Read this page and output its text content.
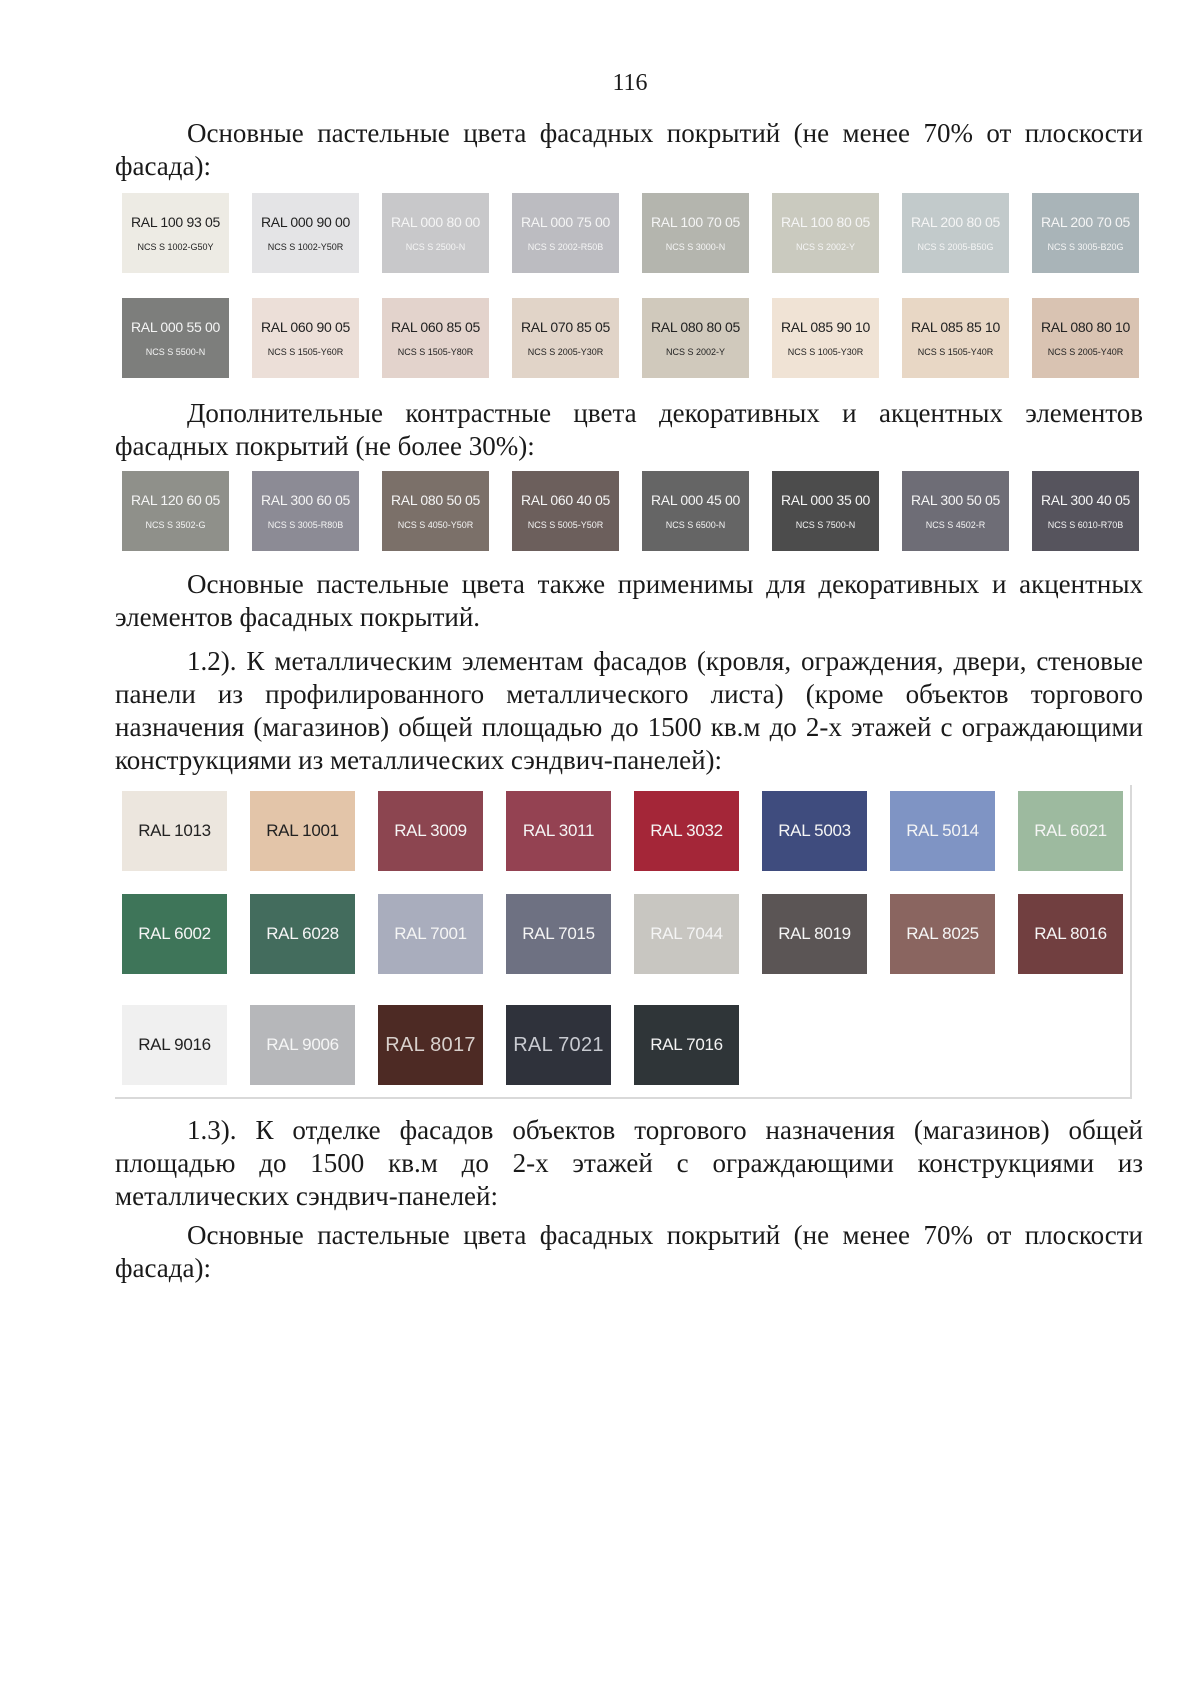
116

Основные пастельные цвета фасадных покрытий (не менее 70% от плоскости фасада):

RAL 100 93 05
NCS S 1002-G50Y
RAL 000 90 00
NCS S 1002-Y50R
RAL 000 80 00
NCS S 2500-N
RAL 000 75 00
NCS S 2002-R50B
RAL 100 70 05
NCS S 3000-N
RAL 100 80 05
NCS S 2002-Y
RAL 200 80 05
NCS S 2005-B50G
RAL 200 70 05
NCS S 3005-B20G
RAL 000 55 00
NCS S 5500-N
RAL 060 90 05
NCS S 1505-Y60R
RAL 060 85 05
NCS S 1505-Y80R
RAL 070 85 05
NCS S 2005-Y30R
RAL 080 80 05
NCS S 2002-Y
RAL 085 90 10
NCS S 1005-Y30R
RAL 085 85 10
NCS S 1505-Y40R
RAL 080 80 10
NCS S 2005-Y40R

Дополнительные контрастные цвета декоративных и акцентных элементов фасадных покрытий (не более 30%):

RAL 120 60 05
NCS S 3502-G
RAL 300 60 05
NCS S 3005-R80B
RAL 080 50 05
NCS S 4050-Y50R
RAL 060 40 05
NCS S 5005-Y50R
RAL 000 45 00
NCS S 6500-N
RAL 000 35 00
NCS S 7500-N
RAL 300 50 05
NCS S 4502-R
RAL 300 40 05
NCS S 6010-R70B

Основные пастельные цвета также применимы для декоративных и акцентных элементов фасадных покрытий.

1.2). К металлическим элементам фасадов (кровля, ограждения, двери, стеновые панели из профилированного металлического листа) (кроме объектов торгового назначения (магазинов) общей площадью до 1500 кв.м до 2-х этажей с ограждающими конструкциями из металлических сэндвич-панелей):

RAL 1013	RAL 1001	RAL 3009	RAL 3011	RAL 3032	RAL 5003	RAL 5014	RAL 6021
RAL 6002	RAL 6028	RAL 7001	RAL 7015	RAL 7044	RAL 8019	RAL 8025	RAL 8016
RAL 9016	RAL 9006 RAL 8017 RAL 7021	RAL 7016

1.3). К отделке фасадов объектов торгового назначения (магазинов) общей площадью до 1500 кв.м до 2-х этажей с ограждающими конструкциями из металлических сэндвич-панелей:

Основные пастельные цвета фасадных покрытий (не менее 70% от плоскости фасада):
